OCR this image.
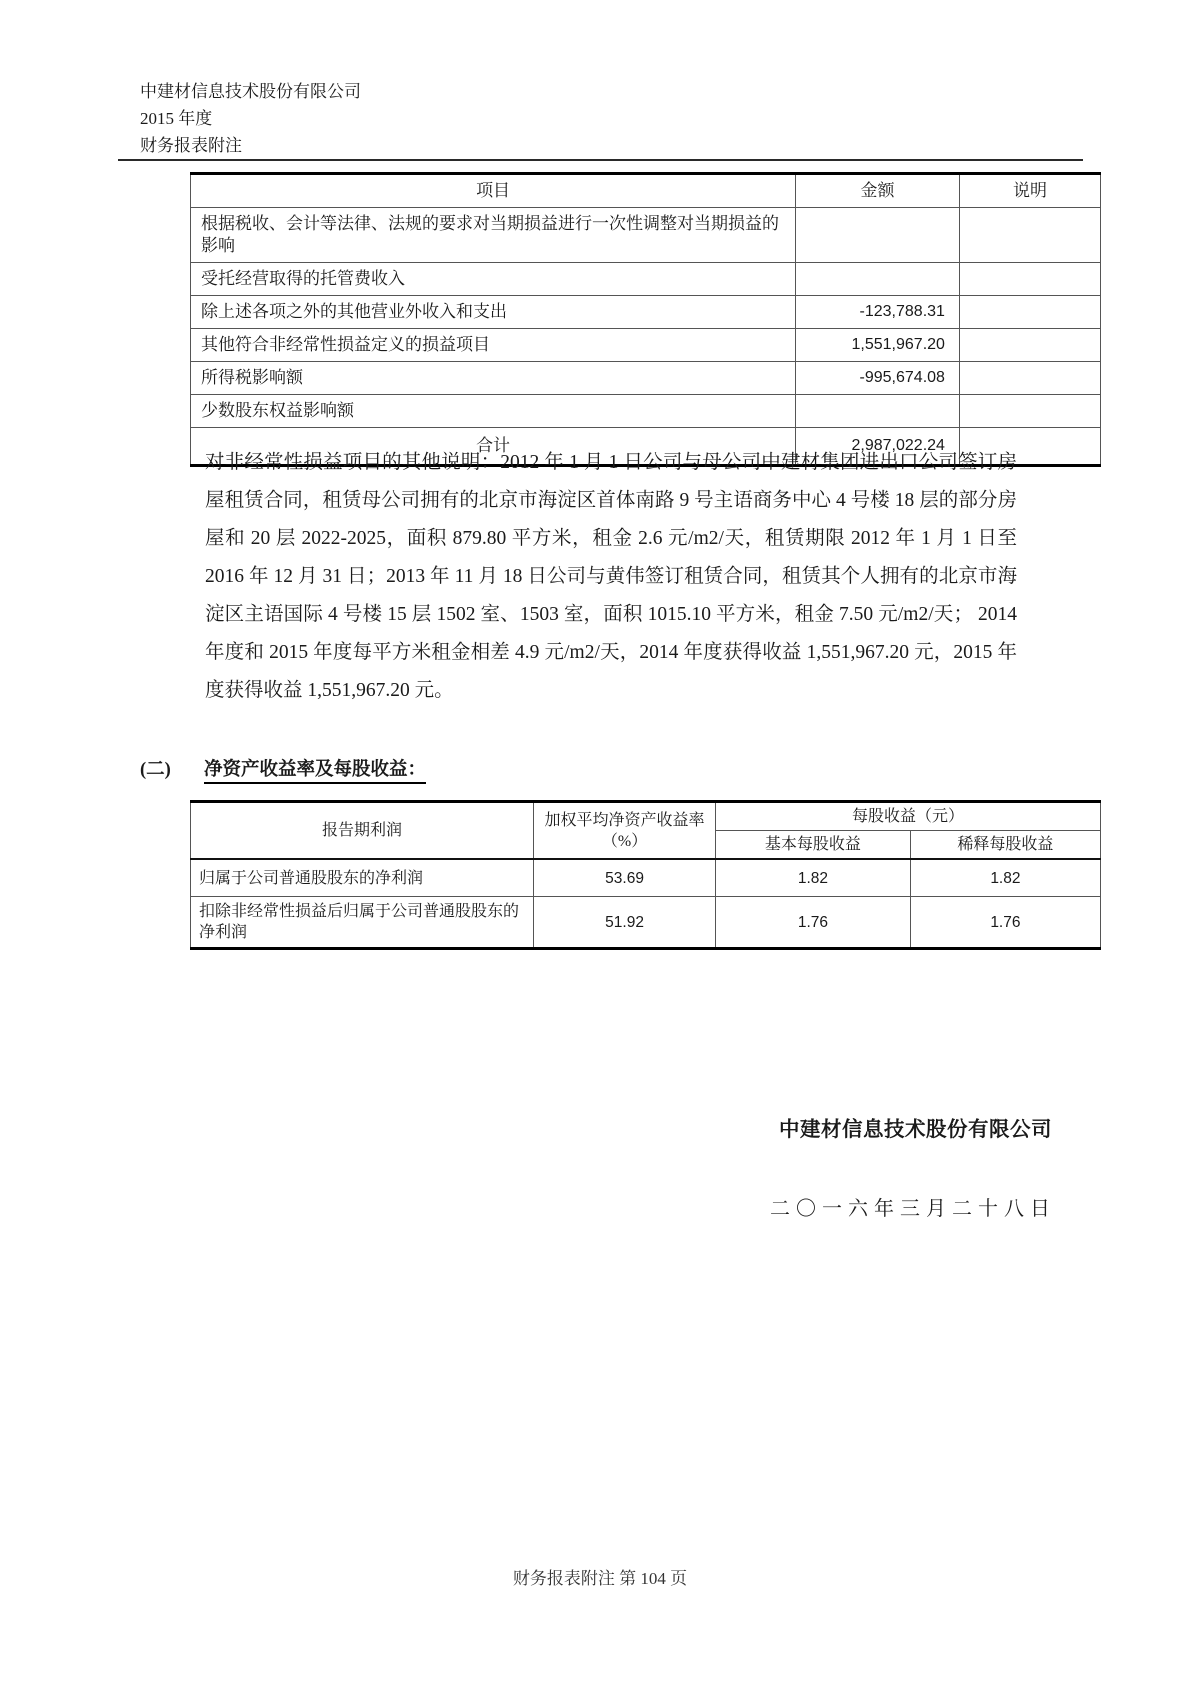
中建材信息技术股份有限公司
2015 年度
财务报表附注
项目	金额	说明
根据税收、会计等法律、法规的要求对当期损益进行一次性调整对当期损益的影响		
受托经营取得的托管费收入		
除上述各项之外的其他营业外收入和支出	-123,788.31	
其他符合非经常性损益定义的损益项目	1,551,967.20	
所得税影响额	-995,674.08	
少数股东权益影响额		
合计	2,987,022.24	
对非经常性损益项目的其他说明：2012 年 1 月 1 日公司与母公司中建材集团进出口公司签订房屋租赁合同，租赁母公司拥有的北京市海淀区首体南路 9 号主语商务中心 4 号楼 18 层的部分房屋和 20 层 2022-2025，面积 879.80 平方米，租金 2.6 元/m2/天，租赁期限 2012 年 1 月 1 日至 2016 年 12 月 31 日；2013 年 11 月 18 日公司与黄伟签订租赁合同，租赁其个人拥有的北京市海淀区主语国际 4 号楼 15 层 1502 室、1503 室，面积 1015.10 平方米，租金 7.50 元/m2/天； 2014 年度和 2015 年度每平方米租金相差 4.9 元/m2/天，2014 年度获得收益 1,551,967.20 元，2015 年度获得收益 1,551,967.20 元。
(二) 净资产收益率及每股收益：
报告期利润	加权平均净资产收益率（%）	每股收益（元）	
		基本每股收益	稀释每股收益
归属于公司普通股股东的净利润	53.69	1.82	1.82
扣除非经常性损益后归属于公司普通股股东的净利润	51.92	1.76	1.76
中建材信息技术股份有限公司
二〇一六年三月二十八日
财务报表附注 第 104 页
